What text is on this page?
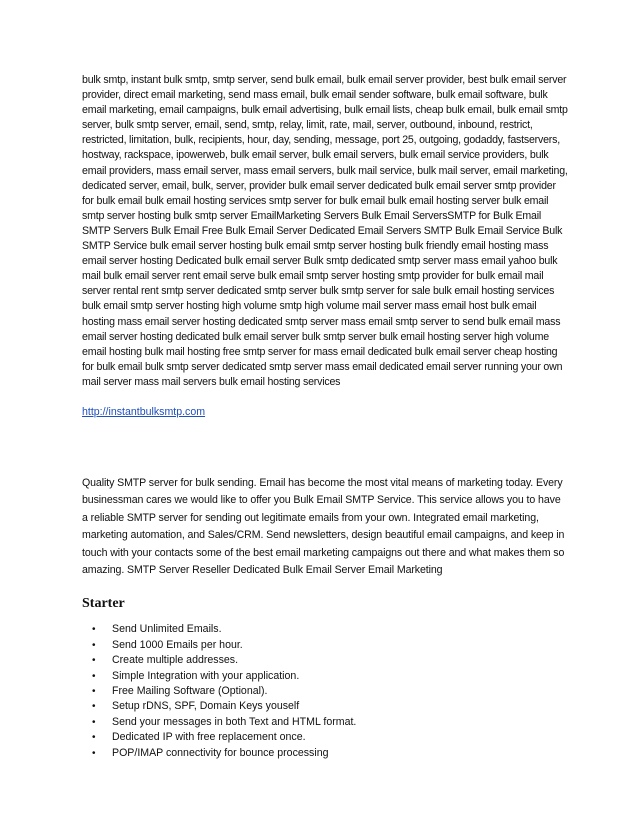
bulk smtp, instant bulk smtp, smtp server, send bulk email, bulk email server provider, best bulk email server provider, direct email marketing, send mass email, bulk email sender software, bulk email software, bulk email marketing, email campaigns, bulk email advertising, bulk email lists, cheap bulk email, bulk email smtp server, bulk smtp server, email, send, smtp, relay, limit, rate, mail, server, outbound, inbound, restrict, restricted, limitation, bulk, recipients, hour, day, sending, message, port 25, outgoing, godaddy, fastservers, hostway, rackspace, ipowerweb, bulk email server, bulk email servers, bulk email service providers, bulk email providers, mass email server, mass email servers, bulk mail service, bulk mail server, email marketing, dedicated server, email, bulk, server, provider bulk email server dedicated bulk email server smtp provider for bulk email bulk email hosting services smtp server for bulk email bulk email hosting server bulk email smtp server hosting bulk smtp server EmailMarketing Servers Bulk Email ServersSMTP for Bulk Email SMTP Servers Bulk Email Free Bulk Email Server Dedicated Email Servers SMTP Bulk Email Service Bulk SMTP Service bulk email server hosting bulk email smtp server hosting bulk friendly email hosting mass email server hosting Dedicated bulk email server Bulk smtp dedicated smtp server mass email yahoo bulk mail bulk email server rent email serve bulk email smtp server hosting smtp provider for bulk email mail server rental rent smtp server dedicated smtp server bulk smtp server for sale bulk email hosting services bulk email smtp server hosting high volume smtp high volume mail server mass email host bulk email hosting mass email server hosting dedicated smtp server mass email smtp server to send bulk email mass email server hosting dedicated bulk email server bulk smtp server bulk email hosting server high volume email hosting bulk mail hosting free smtp server for mass email dedicated bulk email server cheap hosting for bulk email bulk smtp server dedicated smtp server mass email dedicated email server running your own mail server mass mail servers bulk email hosting services

http://instantbulksmtp.com

Quality SMTP server for bulk sending. Email has become the most vital means of marketing today. Every businessman cares we would like to offer you Bulk Email SMTP Service. This service allows you to have a reliable SMTP server for sending out legitimate emails from your own. Integrated email marketing, marketing automation, and Sales/CRM. Send newsletters, design beautiful email campaigns, and keep in touch with your contacts some of the best email marketing campaigns out there and what makes them so amazing. SMTP Server Reseller Dedicated Bulk Email Server Email Marketing

Starter
• Send Unlimited Emails.
• Send 1000 Emails per hour.
• Create multiple addresses.
• Simple Integration with your application.
• Free Mailing Software (Optional).
• Setup rDNS, SPF, Domain Keys youself
• Send your messages in both Text and HTML format.
• Dedicated IP with free replacement once.
• POP/IMAP connectivity for bounce processing
